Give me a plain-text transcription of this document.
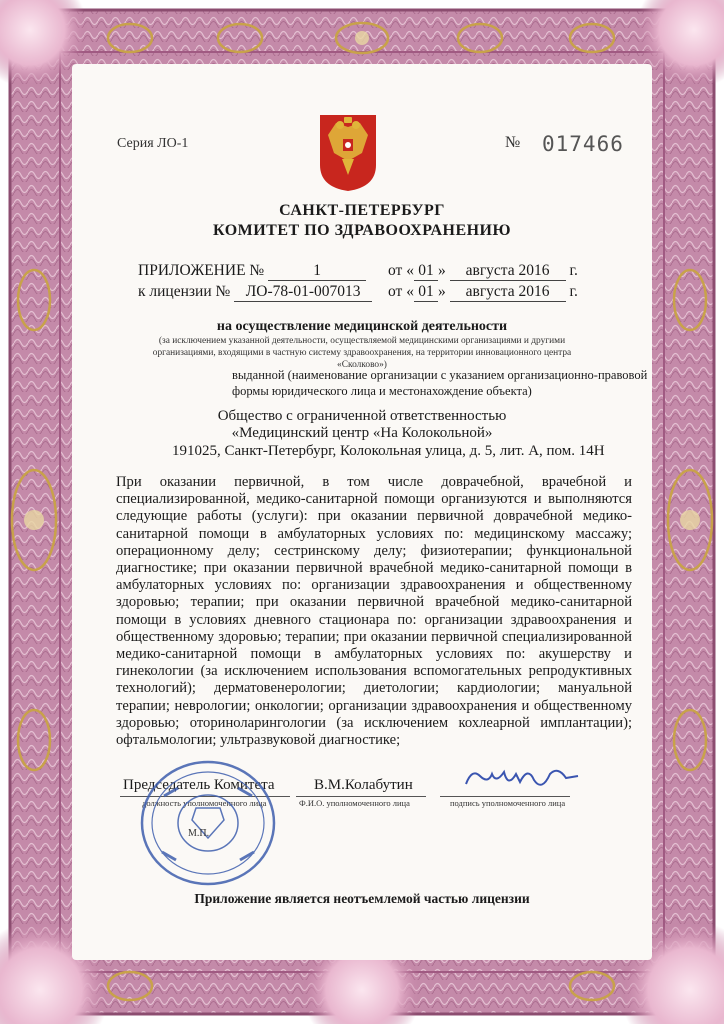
Серия ЛО-1	№ 017466
САНКТ-ПЕТЕРБУРГ
КОМИТЕТ ПО ЗДРАВООХРАНЕНИЮ
ПРИЛОЖЕНИЕ №	1	от « 01 » августа 2016 г.
к лицензии № ЛО-78-01-007013	от « 01 » августа 2016 г.
на осуществление медицинской деятельности
(за исключением указанной деятельности, осуществляемой медицинскими организациями и другими организациями, входящими в частную систему здравоохранения, на территории инновационного центра «Сколково»)
выданной (наименование организации с указанием организационно-правовой формы юридического лица и местонахождение объекта)
Общество с ограниченной ответственностью
«Медицинский центр «На Колокольной»
191025, Санкт-Петербург, Колокольная улица, д. 5, лит. А, пом. 14Н
При оказании первичной, в том числе доврачебной, врачебной и специализированной, медико-санитарной помощи организуются и выполняются следующие работы (услуги): при оказании первичной доврачебной медико-санитарной помощи в амбулаторных условиях по: медицинскому массажу; операционному делу; сестринскому делу; физиотерапии; функциональной диагностике; при оказании первичной врачебной медико-санитарной помощи в амбулаторных условиях по: организации здравоохранения и общественному здоровью; терапии; при оказании первичной врачебной медико-санитарной помощи в условиях дневного стационара по: организации здравоохранения и общественному здоровью; терапии; при оказании первичной специализированной медико-санитарной помощи в амбулаторных условиях по: акушерству и гинекологии (за исключением использования вспомогательных репродуктивных технологий); дерматовенерологии; диетологии; кардиологии; мануальной терапии; неврологии; онкологии; организации здравоохранения и общественному здоровью; оториноларингологии (за исключением кохлеарной имплантации); офтальмологии; ультразвуковой диагностике;
Председатель Комитета
должность уполномоченного лица
В.М.Колабутин
Ф.И.О. уполномоченного лица	подпись уполномоченного лица
М.П.
Приложение является неотъемлемой частью лицензии
